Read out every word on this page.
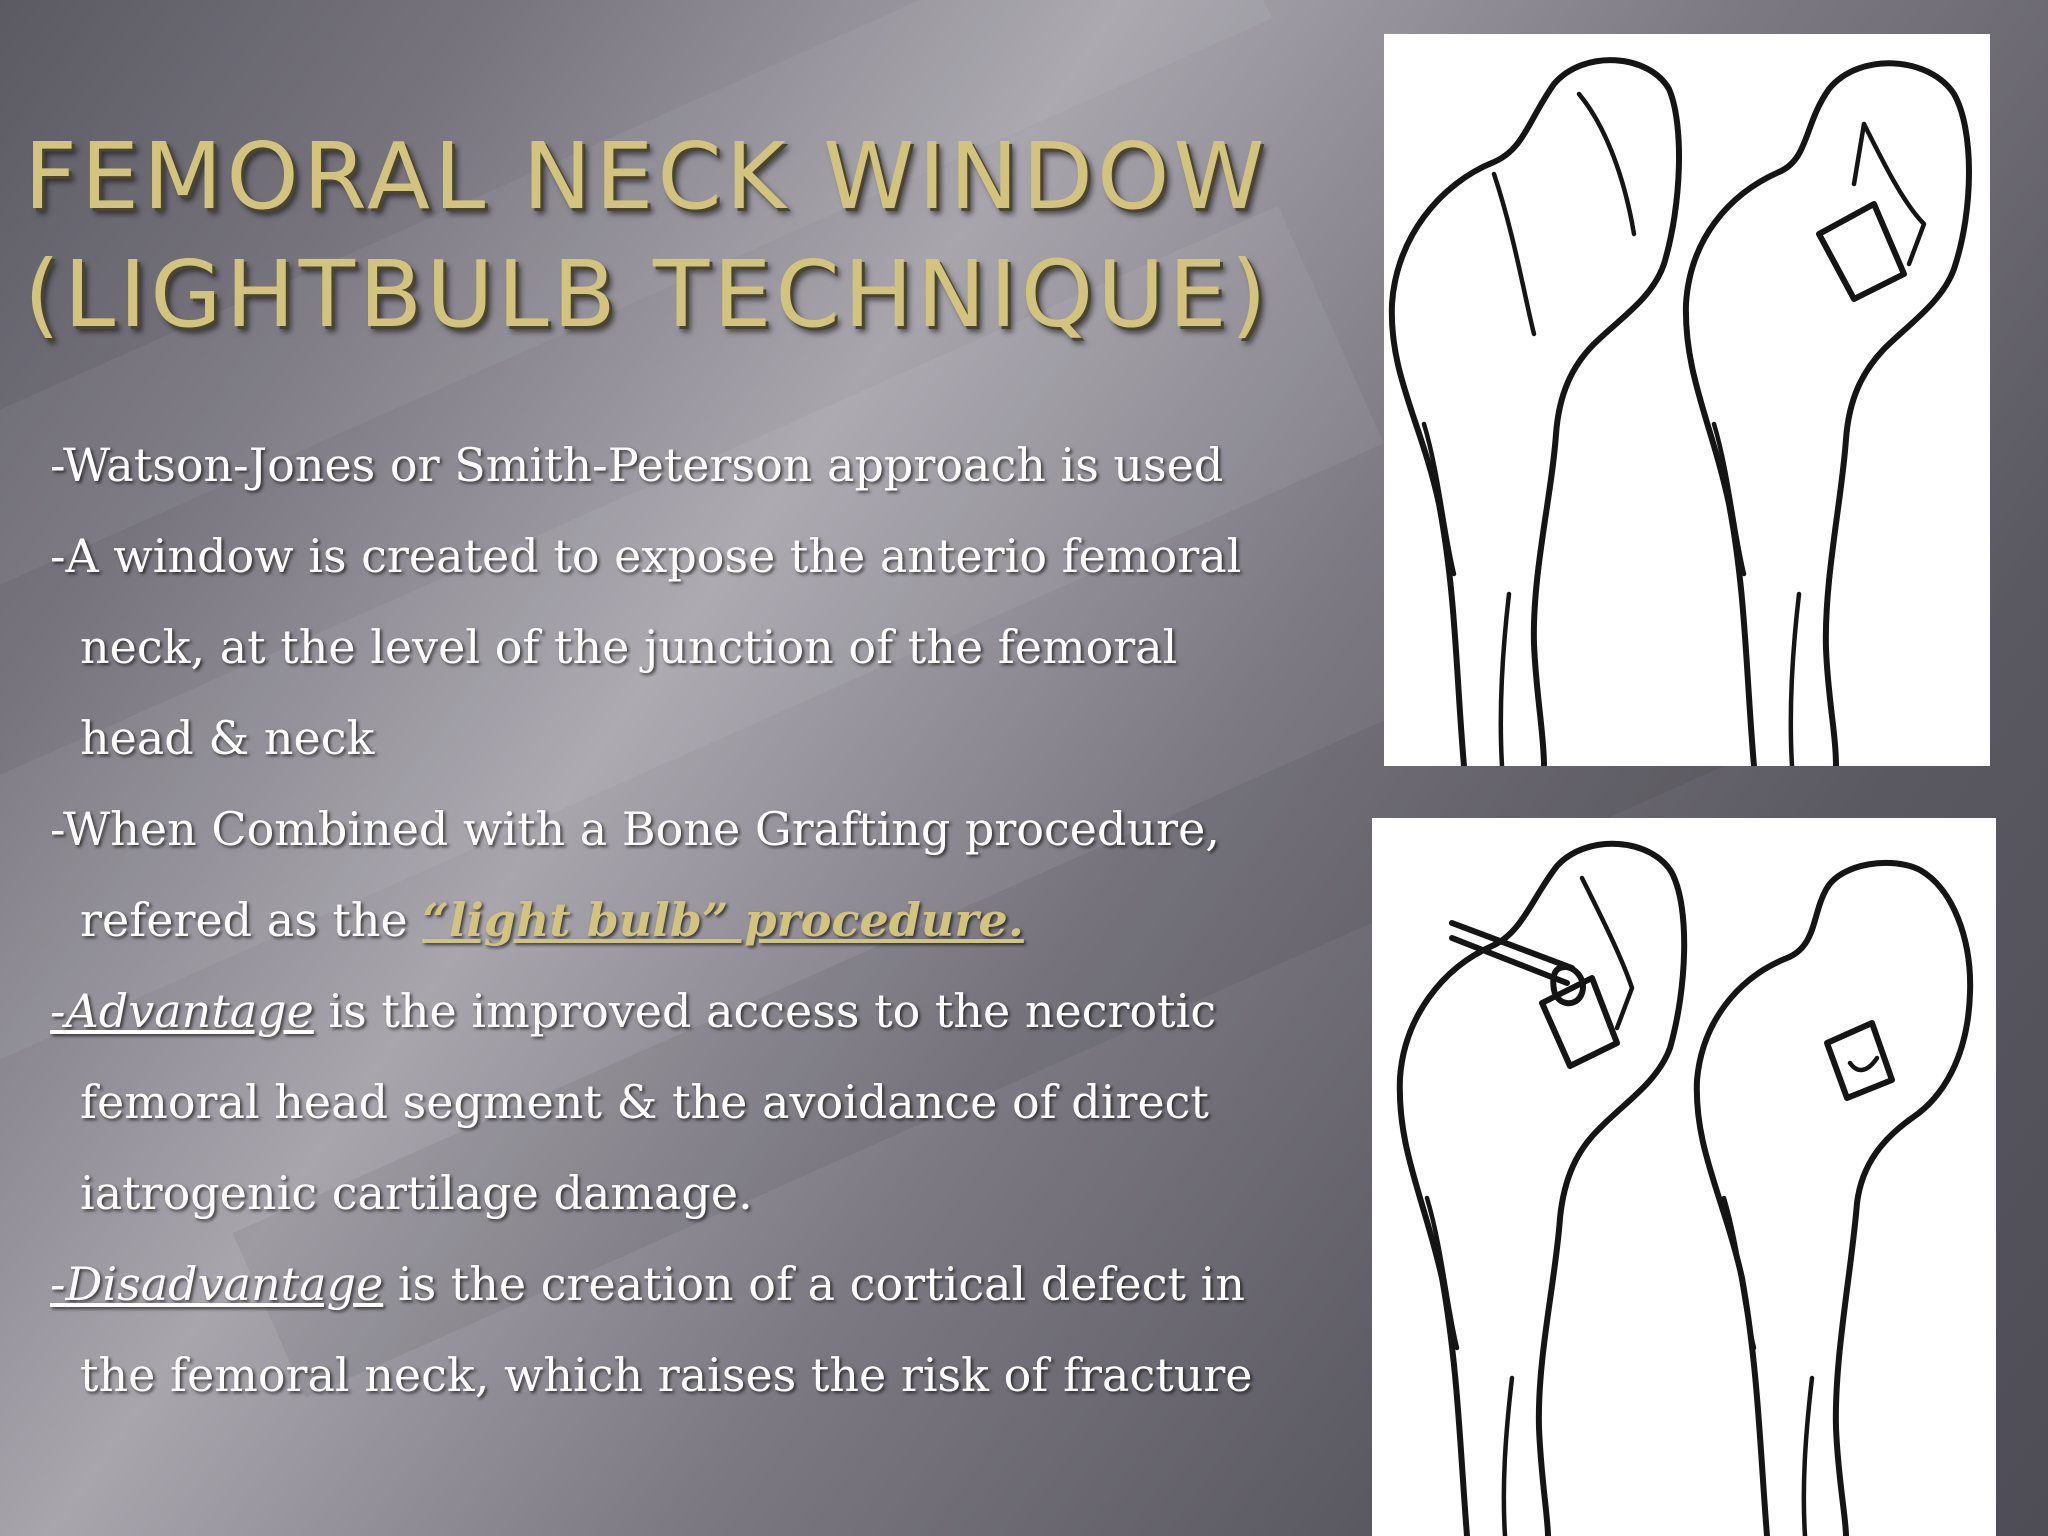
FEMORAL NECK WINDOW
(LIGHTBULB TECHNIQUE)
-Watson-Jones or Smith-Peterson approach is used
-A window is created to expose the anterio femoral
neck, at the level of the junction of the femoral
head & neck
-When Combined with a Bone Grafting procedure,
refered as the “light bulb” procedure.
-Advantage is the improved access to the necrotic
femoral head segment & the avoidance of direct
iatrogenic cartilage damage.
-Disadvantage is the creation of a cortical defect in
the femoral neck, which raises the risk of fracture
